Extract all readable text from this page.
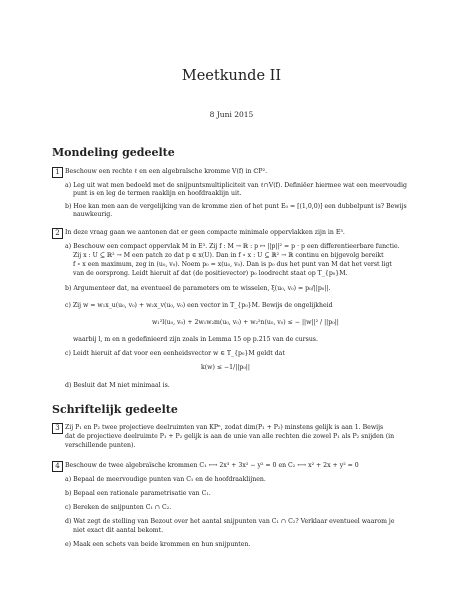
Meetkunde II
8 Juni 2015
Mondeling gedeelte
1 Beschouw een rechte ℓ en een algebraïsche kromme V(f) in ℂP².
a) Leg uit wat men bedoeld met de snijpuntsmultipliciteit van ℓ∩V(f). Definiëer hiermee wat een meervoudig
punt is en leg de termen raaklijn en hoofdraaklijn uit.
b) Hoe kan men aan de vergelijking van de kromme zien of het punt E₀ = [(1,0,0)] een dubbelpunt is? Bewijs
nauwkeurig.
2 In deze vraag gaan we aantonen dat er geen compacte minimale oppervlakken zijn in E³.
a) Beschouw een compact oppervlak M in E³. Zij f : M → ℝ : p ↦ ||p||² = p · p een differentieerbare functie.
Zij x : U ⊆ ℝ² → M een patch zo dat p ∈ x(U). Dan in f ∘ x : U ⊆ ℝ² → ℝ continu en bijgevolg bereikt
f ∘ x een maximum, zeg in (u₀, v₀). Noem p₀ = x(u₀, v₀). Dan is p₀ dus het punt van M dat het verst ligt
van de oorsprong. Leidt hieruit af dat (de positievector) p₀ loodrecht staat op T_{p₀}M.
b) Argumenteer dat, na eventueel de parameters om te wisselen, ξ(u₀, v₀) = p₀/||p₀||.
c) Zij w = w₁x_u(u₀, v₀) + w₂x_v(u₀, v₀) een vector in T_{p₀}M. Bewijs de ongelijkheid
w₁²l(u₀, v₀) + 2w₁w₂m(u₀, v₀) + w₂²n(u₀, v₀) ≤ − ||w||² / ||p₀||
waarbij l, m en n gedefinieerd zijn zoals in Lemma 15 op p.215 van de cursus.
c) Leidt hieruit af dat voor een eenheidsvector w ∈ T_{p₀}M geldt dat
k(w) ≤ −1/||p₀||
d) Besluit dat M niet minimaal is.
Schriftelijk gedeelte
3 Zij P₁ en P₂ twee projectieve deelruimten van KPⁿ, zodat dim(P₁ + P₂) minstens gelijk is aan 1. Bewijs
dat de projectieve deelruimte P₁ + P₂ gelijk is aan de unie van alle rechten die zowel P₁ als P₂ snijden (in
verschillende punten).
4 Beschouw de twee algebraïsche krommen C₁ ⟷ 2x³ + 3x² − y² = 0 en C₂ ⟷ x² + 2x + y² = 0
a) Bepaal de meervoudige punten van C₁ en de hoofdraaklijnen.
b) Bepaal een rationale parametrisatie van C₁.
c) Bereken de snijpunten C₁ ∩ C₂.
d) Wat zegt de stelling van Bezout over het aantal snijpunten van C₁ ∩ C₂? Verklaar eventueel waarom je
niet exact dit aantal bekomt.
e) Maak een schets van beide krommen en hun snijpunten.
